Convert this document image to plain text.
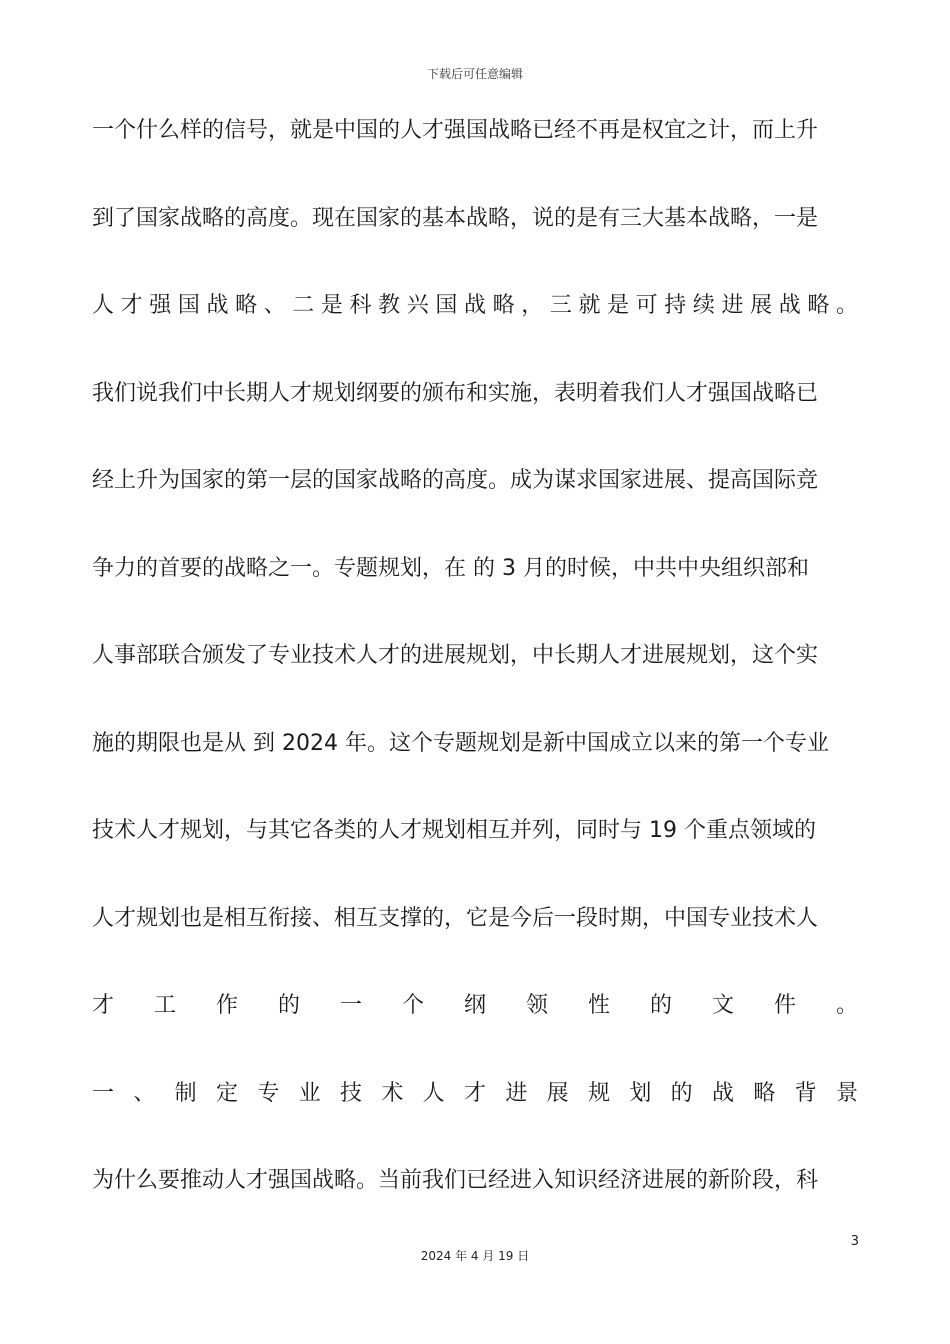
下载后可任意编辑
一个什么样的信号，就是中国的人才强国战略已经不再是权宜之计，而上升
到了国家战略的高度。现在国家的基本战略，说的是有三大基本战略，一是
人才强国战略、二是科教兴国战略，三就是可持续进展战略。
我们说我们中长期人才规划纲要的颁布和实施，表明着我们人才强国战略已
经上升为国家的第一层的国家战略的高度。成为谋求国家进展、提高国际竞
争力的首要的战略之一。专题规划，在 的 3 月的时候，中共中央组织部和
人事部联合颁发了专业技术人才的进展规划，中长期人才进展规划，这个实
施的期限也是从 到 2024 年。这个专题规划是新中国成立以来的第一个专业
技术人才规划，与其它各类的人才规划相互并列，同时与 19 个重点领域的
人才规划也是相互衔接、相互支撑的，它是今后一段时期，中国专业技术人
才工作的一个纲领性的文件。
一、制定专业技术人才进展规划的战略背景
为什么要推动人才强国战略。当前我们已经进入知识经济进展的新阶段，科
3
2024 年 4 月 19 日
